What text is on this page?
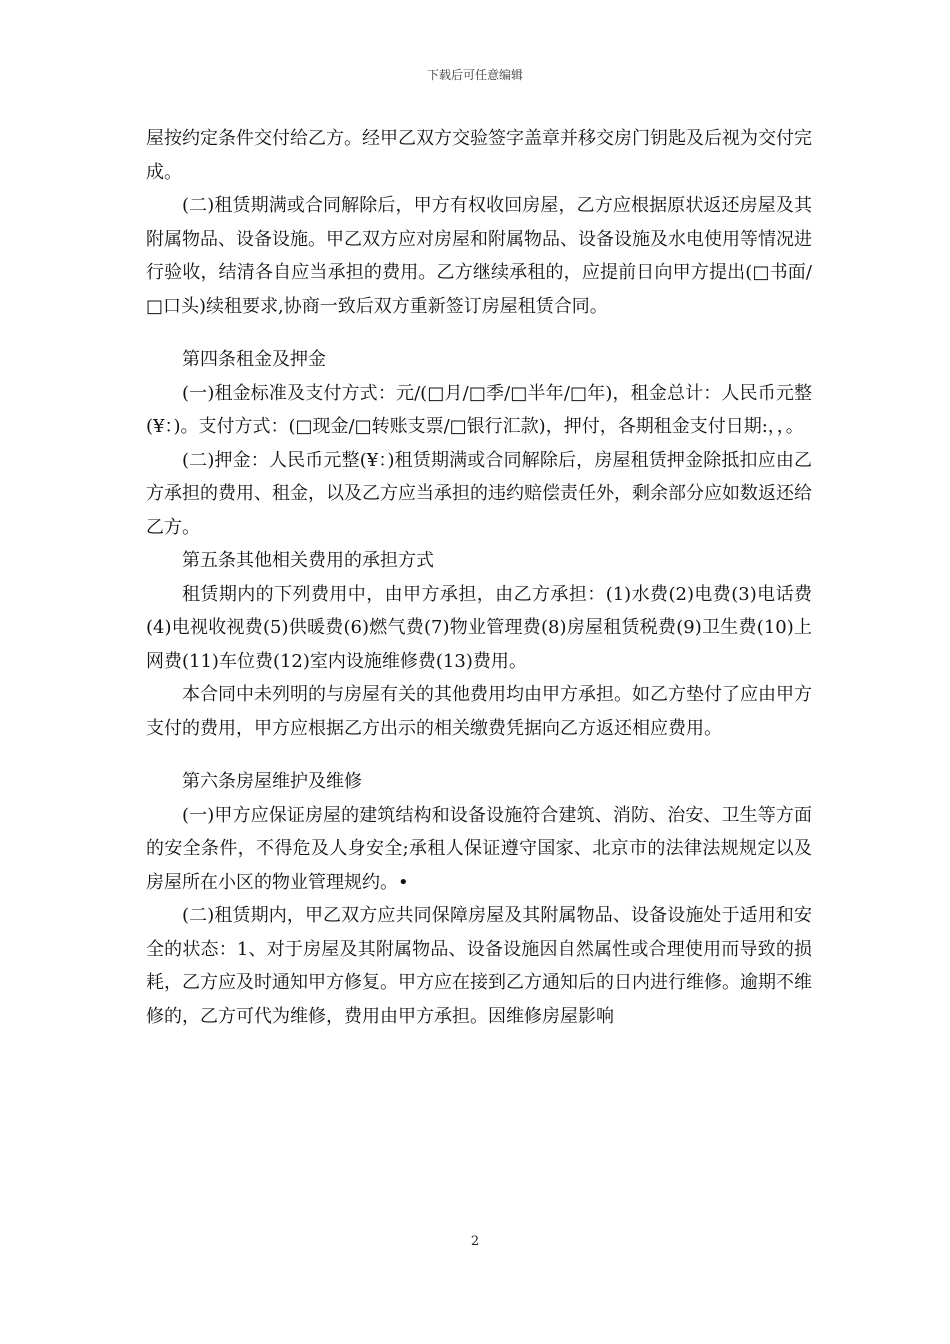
下载后可任意编辑

屋按约定条件交付给乙方。经甲乙双方交验签字盖章并移交房门钥匙及后视为交付完成。

(二)租赁期满或合同解除后，甲方有权收回房屋，乙方应根据原状返还房屋及其附属物品、设备设施。甲乙双方应对房屋和附属物品、设备设施及水电使用等情况进行验收，结清各自应当承担的费用。乙方继续承租的，应提前日向甲方提出(□书面/□口头)续租要求,协商一致后双方重新签订房屋租赁合同。

第四条租金及押金

(一)租金标准及支付方式：元/(□月/□季/□半年/□年)，租金总计：人民币元整(¥：)。支付方式：(□现金/□转账支票/□银行汇款)，押付，各期租金支付日期:，，。

(二)押金：人民币元整(¥：)租赁期满或合同解除后，房屋租赁押金除抵扣应由乙方承担的费用、租金，以及乙方应当承担的违约赔偿责任外，剩余部分应如数返还给乙方。

第五条其他相关费用的承担方式

租赁期内的下列费用中，由甲方承担，由乙方承担：(1)水费(2)电费(3)电话费(4)电视收视费(5)供暖费(6)燃气费(7)物业管理费(8)房屋租赁税费(9)卫生费(10)上网费(11)车位费(12)室内设施维修费(13)费用。

本合同中未列明的与房屋有关的其他费用均由甲方承担。如乙方垫付了应由甲方支付的费用，甲方应根据乙方出示的相关缴费凭据向乙方返还相应费用。

第六条房屋维护及维修

(一)甲方应保证房屋的建筑结构和设备设施符合建筑、消防、治安、卫生等方面的安全条件，不得危及人身安全;承租人保证遵守国家、北京市的法律法规规定以及房屋所在小区的物业管理规约。•

(二)租赁期内，甲乙双方应共同保障房屋及其附属物品、设备设施处于适用和安全的状态：1、对于房屋及其附属物品、设备设施因自然属性或合理使用而导致的损耗，乙方应及时通知甲方修复。甲方应在接到乙方通知后的日内进行维修。逾期不维修的，乙方可代为维修，费用由甲方承担。因维修房屋影响

2
